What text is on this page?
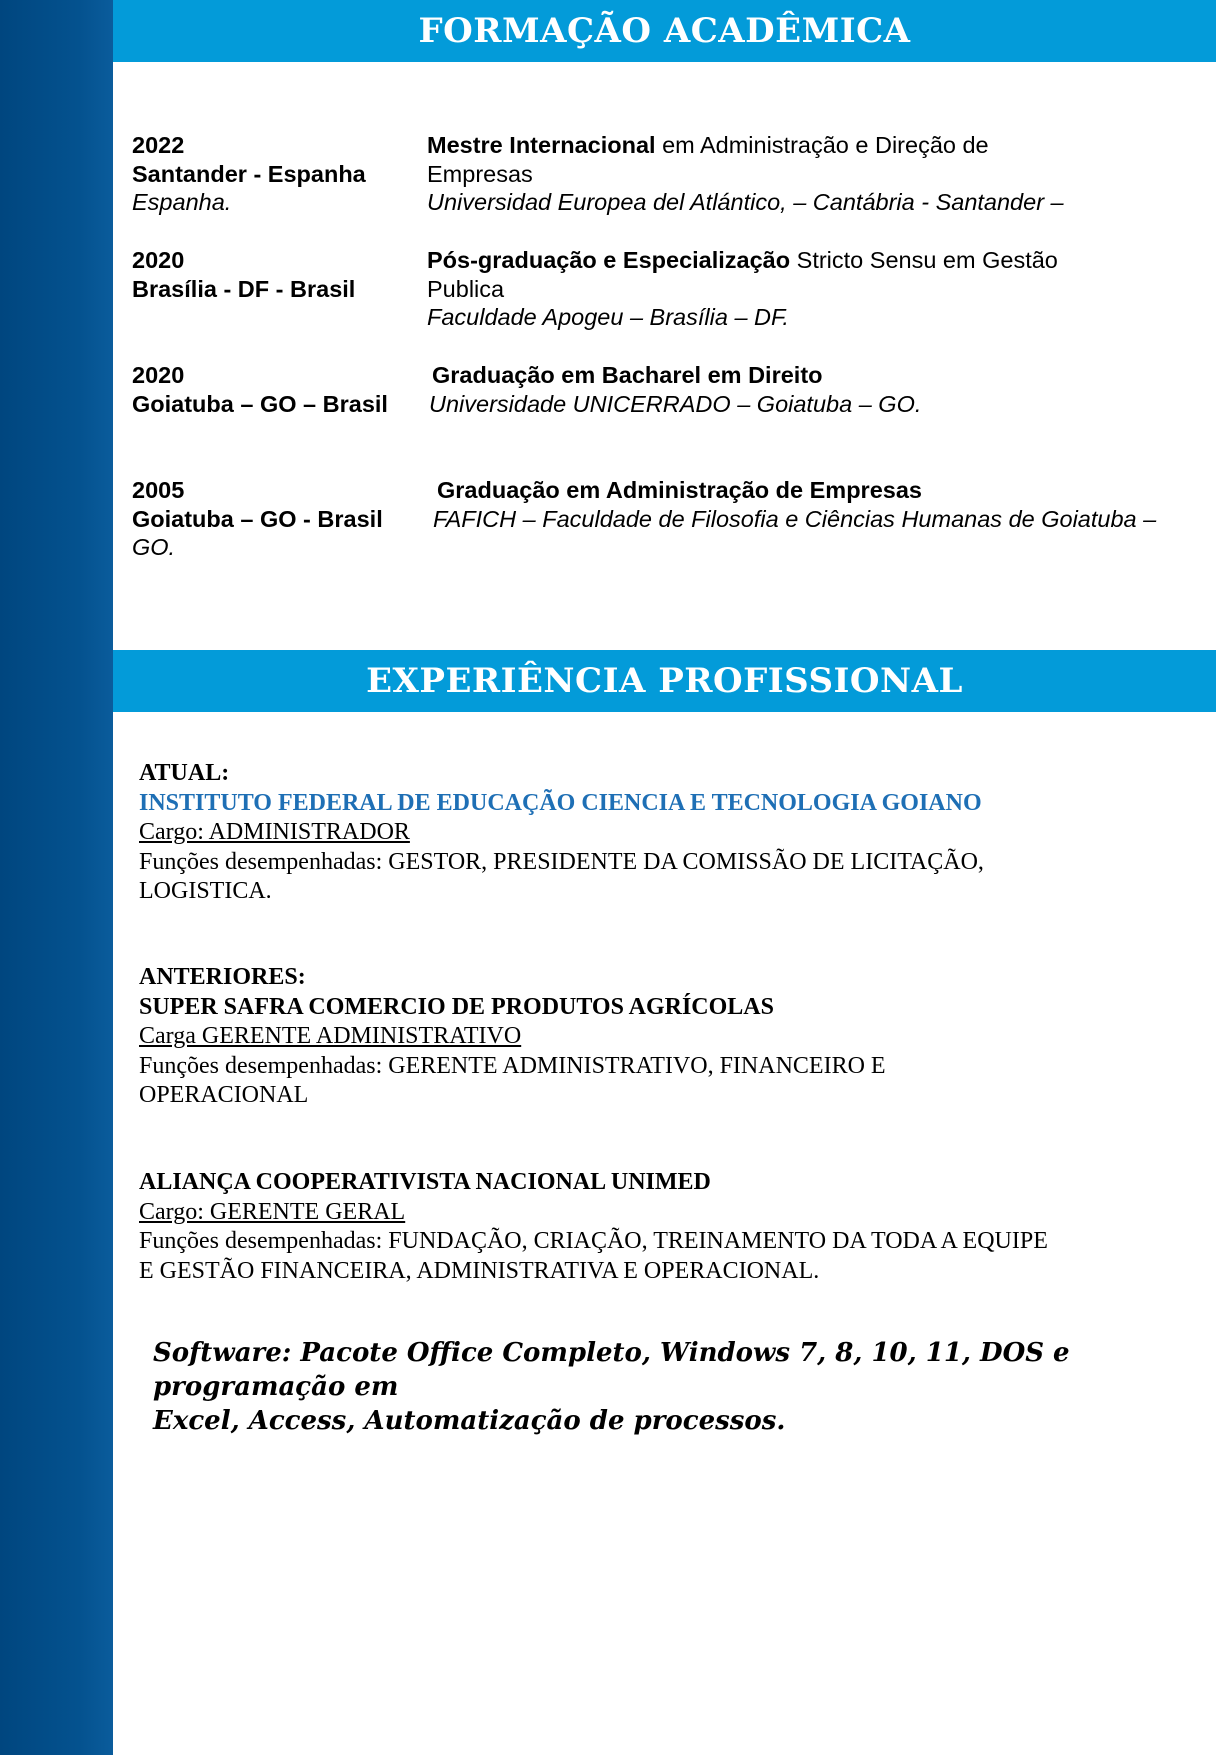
FORMAÇÃO ACADÊMICA
2022
Santander - Espanha
Espanha.
Mestre Internacional em Administração e Direção de Empresas
Universidad Europea del Atlántico, – Cantábria - Santander –
2020
Brasília - DF - Brasil
Pós-graduação e Especialização Stricto Sensu em Gestão Publica
Faculdade Apogeu – Brasília – DF.
2020
Goiatuba – GO – Brasil
Graduação em Bacharel em Direito
Universidade UNICERRADO – Goiatuba – GO.
2005
Goiatuba – GO - Brasil
GO.
Graduação em Administração de Empresas
FAFICH – Faculdade de Filosofia e Ciências Humanas de Goiatuba –
EXPERIÊNCIA PROFISSIONAL
ATUAL:
INSTITUTO FEDERAL DE EDUCAÇÃO CIENCIA E TECNOLOGIA GOIANO
Cargo: ADMINISTRADOR
Funções desempenhadas: GESTOR, PRESIDENTE DA COMISSÃO DE LICITAÇÃO,
LOGISTICA.
ANTERIORES:
SUPER SAFRA COMERCIO DE PRODUTOS AGRÍCOLAS
Carga GERENTE ADMINISTRATIVO
Funções desempenhadas: GERENTE ADMINISTRATIVO, FINANCEIRO E
OPERACIONAL
ALIANÇA COOPERATIVISTA NACIONAL UNIMED
Cargo: GERENTE GERAL
Funções desempenhadas: FUNDAÇÃO, CRIAÇÃO, TREINAMENTO DA TODA A EQUIPE
E GESTÃO FINANCEIRA, ADMINISTRATIVA E OPERACIONAL.
Software: Pacote Office Completo, Windows 7, 8, 10, 11, DOS e programação em
Excel, Access, Automatização de processos.
